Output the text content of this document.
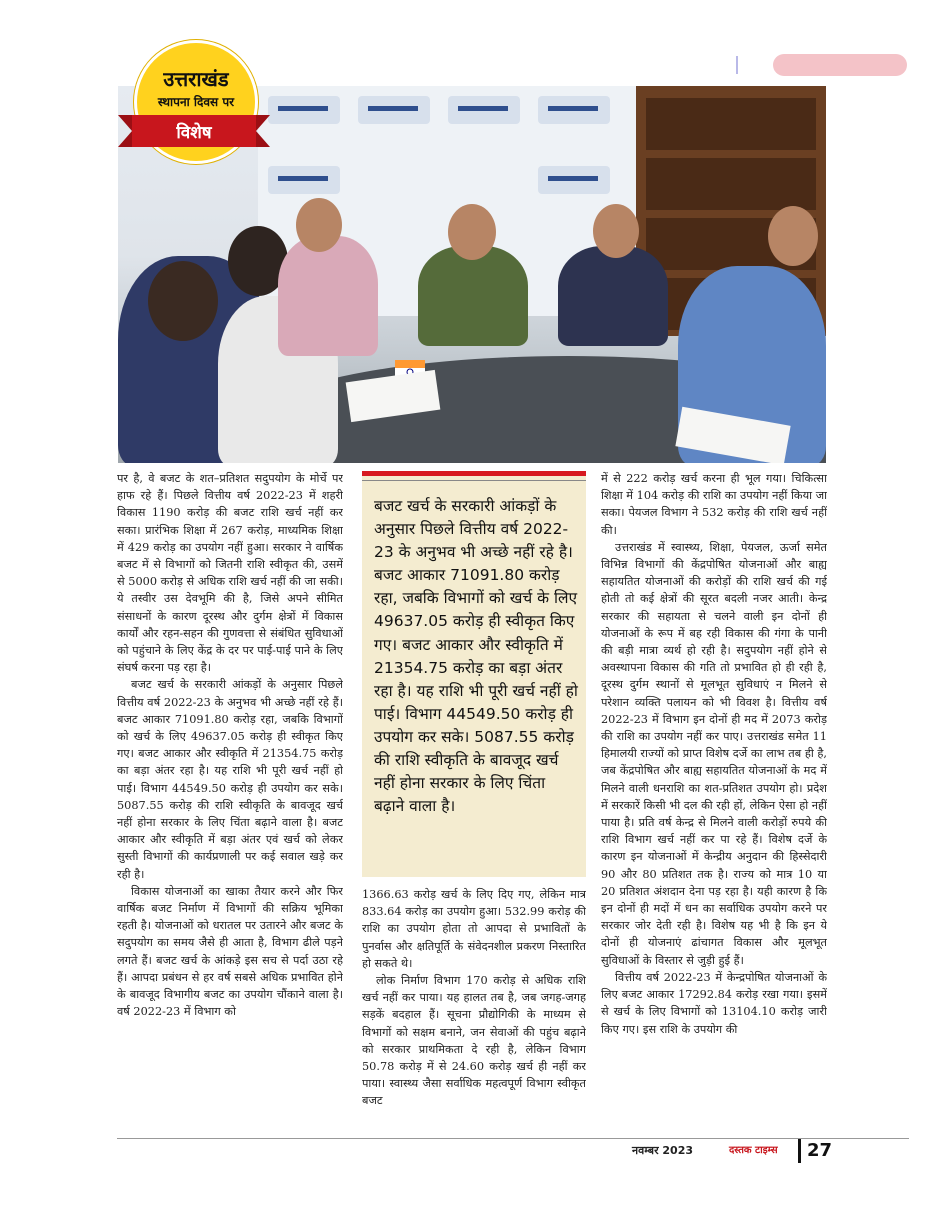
उत्तराखंड
स्थापना दिवस पर
विशेष

पर है, वे बजट के शत–प्रतिशत सदुपयोग के मोर्चे पर हाफ रहे हैं। पिछले वित्तीय वर्ष 2022-23 में शहरी विकास 1190 करोड़ की बजट राशि खर्च नहीं कर सका। प्रारंभिक शिक्षा में 267 करोड़, माध्यमिक शिक्षा में 429 करोड़ का उपयोग नहीं हुआ। सरकार ने वार्षिक बजट में से विभागों को जितनी राशि स्वीकृत की, उसमें से 5000 करोड़ से अधिक राशि खर्च नहीं की जा सकी। ये तस्वीर उस देवभूमि की है, जिसे अपने सीमित संसाधनों के कारण दूरस्थ और दुर्गम क्षेत्रों में विकास कार्यों और रहन-सहन की गुणवत्ता से संबंधित सुविधाओं को पहुंचाने के लिए केंद्र के दर पर पाई-पाई पाने के लिए संघर्ष करना पड़ रहा है।

बजट खर्च के सरकारी आंकड़ों के अनुसार पिछले वित्तीय वर्ष 2022-23 के अनुभव भी अच्छे नहीं रहे हैं। बजट आकार 71091.80 करोड़ रहा, जबकि विभागों को खर्च के लिए 49637.05 करोड़ ही स्वीकृत किए गए। बजट आकार और स्वीकृति में 21354.75 करोड़ का बड़ा अंतर रहा है। यह राशि भी पूरी खर्च नहीं हो पाई। विभाग 44549.50 करोड़ ही उपयोग कर सके। 5087.55 करोड़ की राशि स्वीकृति के बावजूद खर्च नहीं होना सरकार के लिए चिंता बढ़ाने वाला है। बजट आकार और स्वीकृति में बड़ा अंतर एवं खर्च को लेकर सुस्ती विभागों की कार्यप्रणाली पर कई सवाल खड़े कर रही है।

विकास योजनाओं का खाका तैयार करने और फिर वार्षिक बजट निर्माण में विभागों की सक्रिय भूमिका रहती है। योजनाओं को धरातल पर उतारने और बजट के सदुपयोग का समय जैसे ही आता है, विभाग ढीले पड़ने लगते हैं। बजट खर्च के आंकड़े इस सच से पर्दा उठा रहे हैं। आपदा प्रबंधन से हर वर्ष सबसे अधिक प्रभावित होने के बावजूद विभागीय बजट का उपयोग चौंकाने वाला है। वर्ष 2022-23 में विभाग को

बजट खर्च के सरकारी आंकड़ों के अनुसार पिछले वित्तीय वर्ष 2022-23 के अनुभव भी अच्छे नहीं रहे है। बजट आकार 71091.80 करोड़ रहा, जबकि विभागों को खर्च के लिए 49637.05 करोड़ ही स्वीकृत किए गए। बजट आकार और स्वीकृति में 21354.75 करोड़ का बड़ा अंतर रहा है। यह राशि भी पूरी खर्च नहीं हो पाई। विभाग 44549.50 करोड़ ही उपयोग कर सके। 5087.55 करोड़ की राशि स्वीकृति के बावजूद खर्च नहीं होना सरकार के लिए चिंता बढ़ाने वाला है।

1366.63 करोड़ खर्च के लिए दिए गए, लेकिन मात्र 833.64 करोड़ का उपयोग हुआ। 532.99 करोड़ की राशि का उपयोग होता तो आपदा से प्रभावितों के पुनर्वास और क्षतिपूर्ति के संवेदनशील प्रकरण निस्तारित हो सकते थे।

लोक निर्माण विभाग 170 करोड़ से अधिक राशि खर्च नहीं कर पाया। यह हालत तब है, जब जगह-जगह सड़कें बदहाल हैं। सूचना प्रौद्योगिकी के माध्यम से विभागों को सक्षम बनाने, जन सेवाओं की पहुंच बढ़ाने को सरकार प्राथमिकता दे रही है, लेकिन विभाग 50.78 करोड़ में से 24.60 करोड़ खर्च ही नहीं कर पाया। स्वास्थ्य जैसा सर्वाधिक महत्वपूर्ण विभाग स्वीकृत बजट

में से 222 करोड़ खर्च करना ही भूल गया। चिकित्सा शिक्षा में 104 करोड़ की राशि का उपयोग नहीं किया जा सका। पेयजल विभाग ने 532 करोड़ की राशि खर्च नहीं की।

उत्तराखंड में स्वास्थ्य, शिक्षा, पेयजल, ऊर्जा समेत विभिन्न विभागों की केंद्रपोषित योजनाओं और बाह्य सहायतित योजनाओं की करोड़ों की राशि खर्च की गई होती तो कई क्षेत्रों की सूरत बदली नजर आती। केन्द्र सरकार की सहायता से चलने वाली इन दोनों ही योजनाओं के रूप में बह रही विकास की गंगा के पानी की बड़ी मात्रा व्यर्थ हो रही है। सदुपयोग नहीं होने से अवस्थापना विकास की गति तो प्रभावित हो ही रही है, दूरस्थ दुर्गम स्थानों से मूलभूत सुविधाएं न मिलने से परेशान व्यक्ति पलायन को भी विवश है। वित्तीय वर्ष 2022-23 में विभाग इन दोनों ही मद में 2073 करोड़ की राशि का उपयोग नहीं कर पाए। उत्तराखंड समेत 11 हिमालयी राज्यों को प्राप्त विशेष दर्जे का लाभ तब ही है, जब केंद्रपोषित और बाह्य सहायतित योजनाओं के मद में मिलने वाली धनराशि का शत-प्रतिशत उपयोग हो। प्रदेश में सरकारें किसी भी दल की रही हों, लेकिन ऐसा हो नहीं पाया है। प्रति वर्ष केन्द्र से मिलने वाली करोड़ों रुपये की राशि विभाग खर्च नहीं कर पा रहे हैं। विशेष दर्जे के कारण इन योजनाओं में केन्द्रीय अनुदान की हिस्सेदारी 90 और 80 प्रतिशत तक है। राज्य को मात्र 10 या 20 प्रतिशत अंशदान देना पड़ रहा है। यही कारण है कि इन दोनों ही मदों में धन का सर्वाधिक उपयोग करने पर सरकार जोर देती रही है। विशेष यह भी है कि इन ये दोनों ही योजनाएं ढांचागत विकास और मूलभूत सुविधाओं के विस्तार से जुड़ी हुई हैं।

वित्तीय वर्ष 2022-23 में केन्द्रपोषित योजनाओं के लिए बजट आकार 17292.84 करोड़ रखा गया। इसमें से खर्च के लिए विभागों को 13104.10 करोड़ जारी किए गए। इस राशि के उपयोग की

नवम्बर 2023	दस्तक टाइम्स 27
